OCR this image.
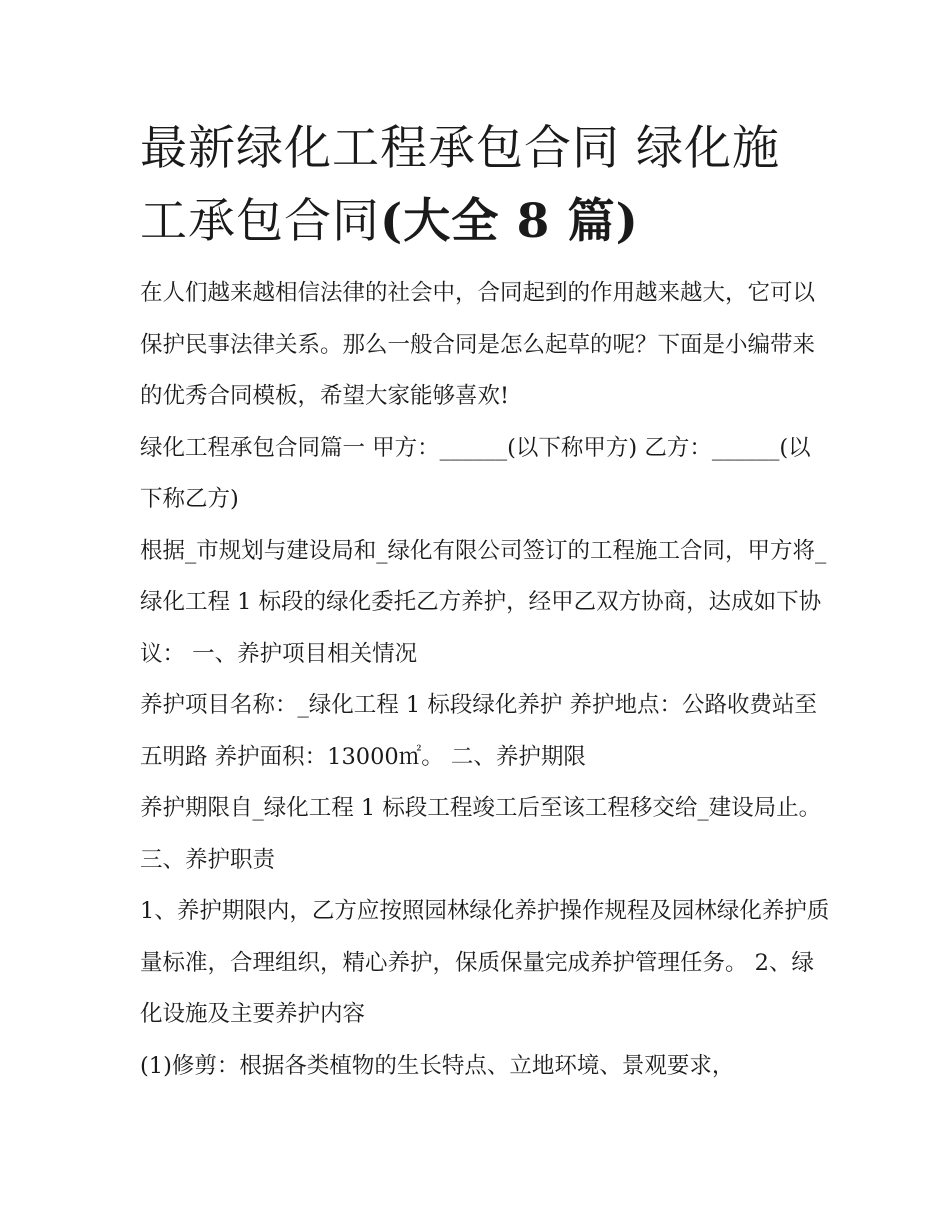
最新绿化工程承包合同 绿化施
工承包合同(大全 8 篇)

在人们越来越相信法律的社会中，合同起到的作用越来越大，它可以保护民事法律关系。那么一般合同是怎么起草的呢？下面是小编带来的优秀合同模板，希望大家能够喜欢!

绿化工程承包合同篇一 甲方：______(以下称甲方) 乙方：______(以下称乙方)

根据_市规划与建设局和_绿化有限公司签订的工程施工合同，甲方将_绿化工程 1 标段的绿化委托乙方养护，经甲乙双方协商，达成如下协议： 一、养护项目相关情况

养护项目名称：_绿化工程 1 标段绿化养护 养护地点：公路收费站至五明路 养护面积：13000㎡。 二、养护期限

养护期限自_绿化工程 1 标段工程竣工后至该工程移交给_建设局止。 三、养护职责

1、养护期限内，乙方应按照园林绿化养护操作规程及园林绿化养护质量标准，合理组织，精心养护，保质保量完成养护管理任务。 2、绿化设施及主要养护内容

(1)修剪：根据各类植物的生长特点、立地环境、景观要求，
